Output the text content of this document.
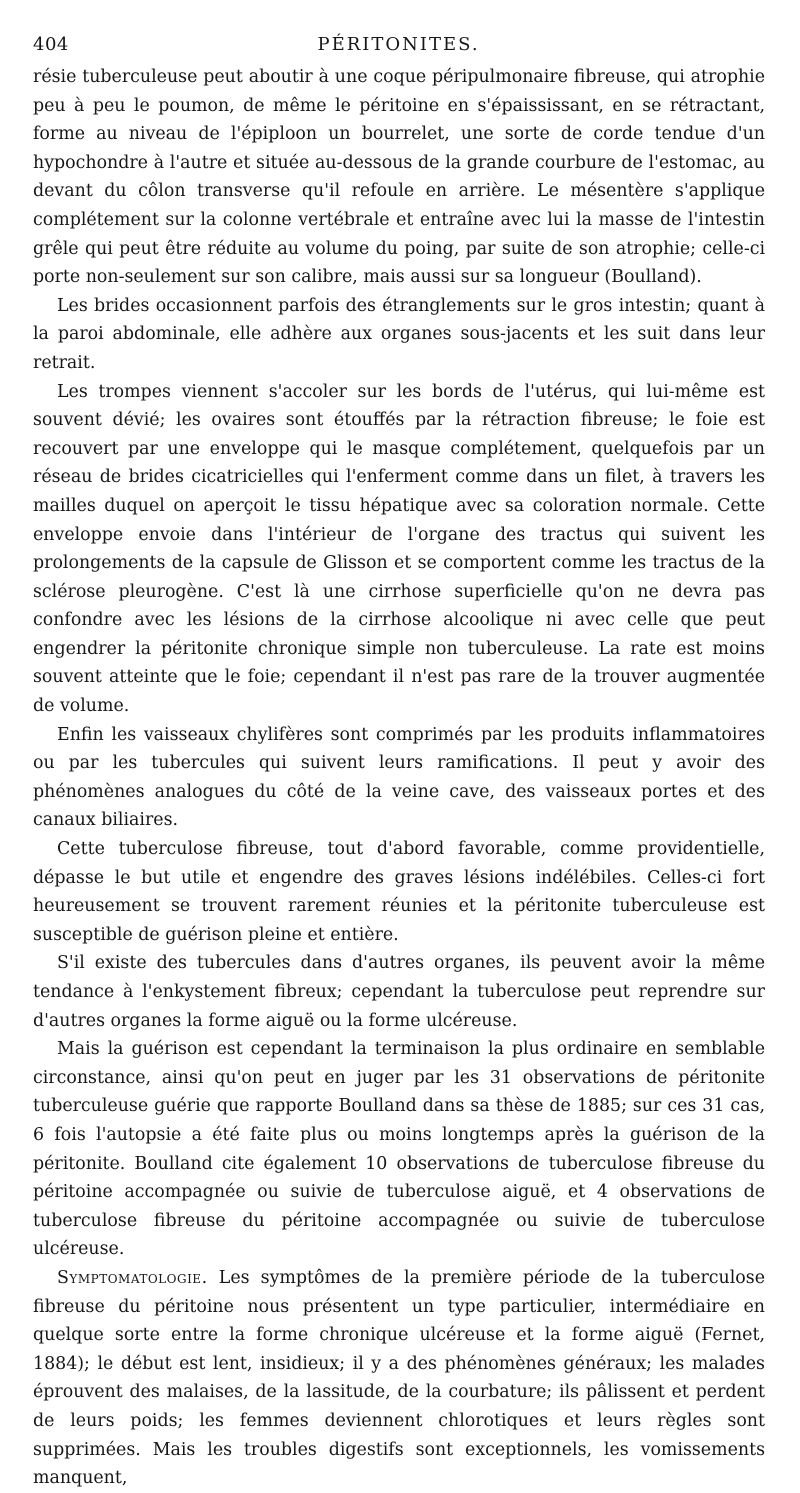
404	PÉRITONITES.

résie tuberculeuse peut aboutir à une coque péripulmonaire fibreuse, qui atrophie peu à peu le poumon, de même le péritoine en s'épaississant, en se rétractant, forme au niveau de l'épiploon un bourrelet, une sorte de corde tendue d'un hypochondre à l'autre et située au-dessous de la grande courbure de l'estomac, au devant du côlon transverse qu'il refoule en arrière. Le mésentère s'applique complétement sur la colonne vertébrale et entraîne avec lui la masse de l'intestin grêle qui peut être réduite au volume du poing, par suite de son atrophie; celle-ci porte non-seulement sur son calibre, mais aussi sur sa longueur (Boulland).

Les brides occasionnent parfois des étranglements sur le gros intestin; quant à la paroi abdominale, elle adhère aux organes sous-jacents et les suit dans leur retrait.

Les trompes viennent s'accoler sur les bords de l'utérus, qui lui-même est souvent dévié; les ovaires sont étouffés par la rétraction fibreuse; le foie est recouvert par une enveloppe qui le masque complétement, quelquefois par un réseau de brides cicatricielles qui l'enferment comme dans un filet, à travers les mailles duquel on aperçoit le tissu hépatique avec sa coloration normale. Cette enveloppe envoie dans l'intérieur de l'organe des tractus qui suivent les prolongements de la capsule de Glisson et se comportent comme les tractus de la sclérose pleurogène. C'est là une cirrhose superficielle qu'on ne devra pas confondre avec les lésions de la cirrhose alcoolique ni avec celle que peut engendrer la péritonite chronique simple non tuberculeuse. La rate est moins souvent atteinte que le foie; cependant il n'est pas rare de la trouver augmentée de volume.

Enfin les vaisseaux chylifères sont comprimés par les produits inflammatoires ou par les tubercules qui suivent leurs ramifications. Il peut y avoir des phénomènes analogues du côté de la veine cave, des vaisseaux portes et des canaux biliaires.

Cette tuberculose fibreuse, tout d'abord favorable, comme providentielle, dépasse le but utile et engendre des graves lésions indélébiles. Celles-ci fort heureusement se trouvent rarement réunies et la péritonite tuberculeuse est susceptible de guérison pleine et entière.

S'il existe des tubercules dans d'autres organes, ils peuvent avoir la même tendance à l'enkystement fibreux; cependant la tuberculose peut reprendre sur d'autres organes la forme aiguë ou la forme ulcéreuse.

Mais la guérison est cependant la terminaison la plus ordinaire en semblable circonstance, ainsi qu'on peut en juger par les 31 observations de péritonite tuberculeuse guérie que rapporte Boulland dans sa thèse de 1885; sur ces 31 cas, 6 fois l'autopsie a été faite plus ou moins longtemps après la guérison de la péritonite. Boulland cite également 10 observations de tuberculose fibreuse du péritoine accompagnée ou suivie de tuberculose aiguë, et 4 observations de tuberculose fibreuse du péritoine accompagnée ou suivie de tuberculose ulcéreuse.

Symptomatologie. Les symptômes de la première période de la tuberculose fibreuse du péritoine nous présentent un type particulier, intermédiaire en quelque sorte entre la forme chronique ulcéreuse et la forme aiguë (Fernet, 1884); le début est lent, insidieux; il y a des phénomènes généraux; les malades éprouvent des malaises, de la lassitude, de la courbature; ils pâlissent et perdent de leurs poids; les femmes deviennent chlorotiques et leurs règles sont supprimées. Mais les troubles digestifs sont exceptionnels, les vomissements manquent,
